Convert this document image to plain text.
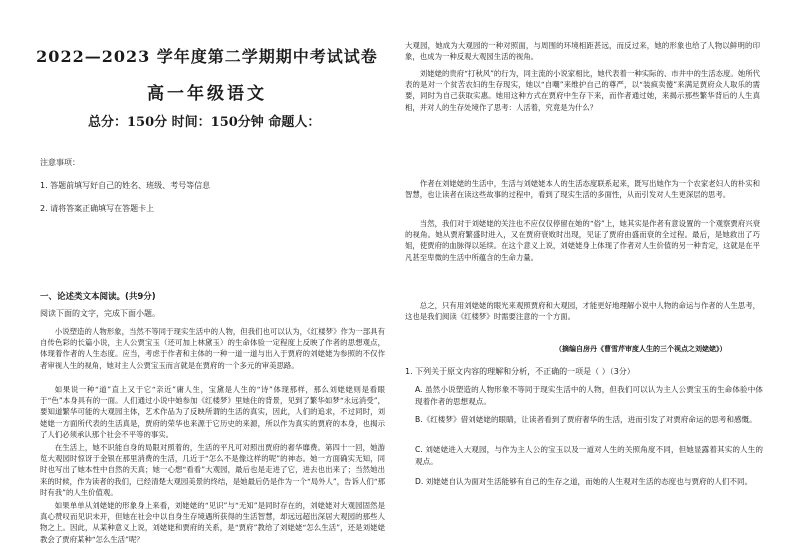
2022—2023 学年度第二学期期中考试试卷
高一年级语文
总分：150分 时间：150分钟 命题人：
注意事项：
1. 答题前填写好自己的姓名、班级、考号等信息
2. 请将答案正确填写在答题卡上
一、论述类文本阅读。(共9分)
阅读下面的文字，完成下面小题。

小说塑造的人物形象，当然不等同于现实生活中的人物，但我们也可以认为，《红楼梦》作为一部具有自传色彩的长篇小说，主人公贾宝玉（还可加上林黛玉）的生命体验一定程度上反映了作者的思想观点，体现着作者的人生态度。应当，考虑于作者和主体的一种一道一道与出入于贾府的刘姥姥为参照的不仅作者审视人生的视角，她对主人公贾宝玉而言就是在贾府的一个多元的审美思路。

如果说一种“道”直上又于它“亲近”庸人生，宝黛是人生的“诗”体现那样，那么刘姥姥则是看眼于“色”本身具有的一面。人们通过小说中她参加《红楼梦》里她住的背景，见到了繁华如梦“永远消受”，要知道繁华可能的大观园主体，艺术作品为了反映所谓的生活的真实，因此，人们的追求，不过同时，刘姥姥一方面所代表的生活真是，贾府的荣华也来源于它历史的来源，所以作为真实的贾府的本身，也揭示了人们必须承认那个社会不平等的事实。

在生活上，她不识能自身的局限对照着的，生活的平凡可对照出贾府的奢华靡费。第四十一回，她游览大观园时惊讶于金银在那里消费的生活，几近于“怎么不是像这样的呢”的神态。她一方面确实无知，同时也写出了她本性中自然的天真；她一心想“看看”大观园，最后也是走进了它，进去也出来了；当然她出来的时候，作为读者的我们，已经清楚大观园美景的终结，是她最后仍是作为一个“局外人”，告诉人们“那时有我”的人生价值观。

如果单单从刘姥姥的形象身上来看，刘姥姥的“见识”与“无知”是同时存在的，刘姥姥对大观园固然是真心赞叹而见识未开，但她在社会中以自身生存境遇所获得的生活智慧，却远远超出深居大观园的那些人物之上。因此，从某种意义上说，刘姥姥和贾府的关系，是“贾府”教给了刘姥姥“怎么生活”，还是刘姥姥教会了贾府某种“怎么生活”呢？

大观园，她成为大观园的一种对照面，与周围的环境相距甚远，而反过来，她的形象也给了人物以鲜明的印象，也成为一种反观大观园生活的视角。

刘姥姥的贵府“打秋风”的行为，同主流的小说家相比，她代表着一种实际的、市井中的生活态度。她所代表的是对一个贫苦农妇的生存现实，她以“自嘲”来维护自己的尊严，以“装疯卖傻”来满足贾府众人取乐的需要，同时为自己获取实惠。她用这种方式在贾府中生存下来，而作者通过她，来揭示那些繁华背后的人生真相，并对人的生存处境作了思考：人活着，究竟是为什么？

作者在刘姥姥的生活中，生活与刘姥姥本人的生活态度联系起来，既写出她作为一个农家老妇人的朴实和智慧，也让读者在读这些故事的过程中，看到了现实生活的多面性，从而引发对人生更深层的思考。

当然，我们对于刘姥姥的关注也不应仅仅停留在她的“俗”上，她其实是作者有意设置的一个观察贾府兴衰的视角。她从贾府繁盛时进入，又在贾府衰败时出现，见证了贾府由盛而衰的全过程。最后，是她救出了巧姐，使贾府的血脉得以延续。在这个意义上说，刘姥姥身上体现了作者对人生价值的另一种肯定，这就是在平凡甚至卑微的生活中所蕴含的生命力量。

总之，只有用刘姥姥的眼光来观照贾府和大观园，才能更好地理解小说中人物的命运与作者的人生思考，这也是我们阅读《红楼梦》时需要注意的一个方面。

（摘编自房丹《曹雪芹审度人生的三个视点之刘姥姥》）
1. 下列关于原文内容的理解和分析，不正确的一项是（ ）（3分）
A. 虽然小说塑造的人物形象不等同于现实生活中的人物，但我们可以认为主人公贾宝玉的生命体验中体现着作者的思想观点。
B.《红楼梦》借刘姥姥的眼睛，让读者看到了贾府奢华的生活，进而引发了对贾府命运的思考和感慨。
C. 刘姥姥进入大观园，与作为主人公的宝玉以及一道对人生的关照角度不同，但她显露着其实的人生的观点。
D. 刘姥姥自认为面对生活能够有自己的生存之道，而她的人生观对生活的态度也与贾府的人们不同。
